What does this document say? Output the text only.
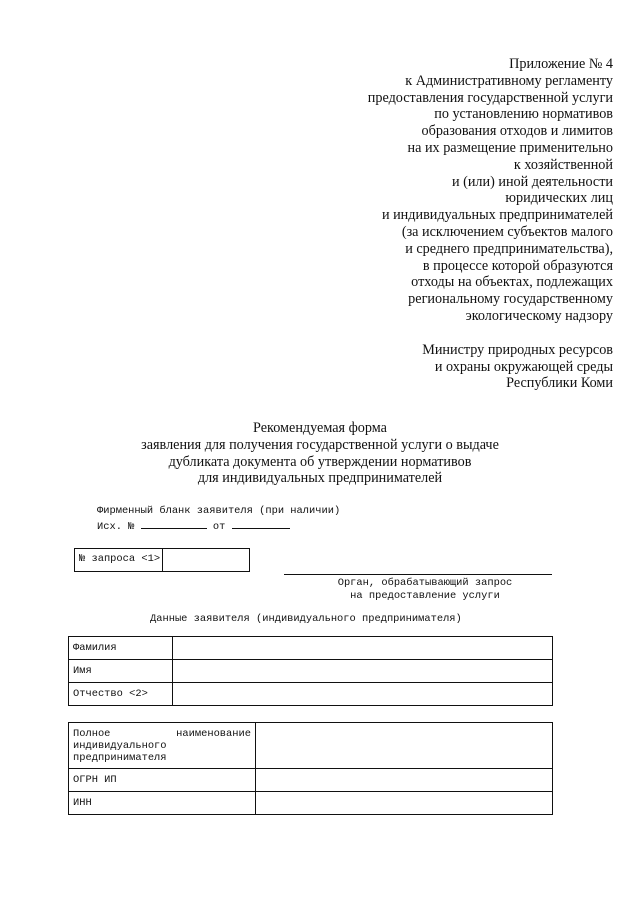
Приложение № 4
к Административному регламенту
предоставления государственной услуги
по установлению нормативов
образования отходов и лимитов
на их размещение применительно
к хозяйственной
и (или) иной деятельности
юридических лиц
и индивидуальных предпринимателей
(за исключением субъектов малого
и среднего предпринимательства),
в процессе которой образуются
отходы на объектах, подлежащих
региональному государственному
экологическому надзору
Министру природных ресурсов
и охраны окружающей среды
Республики Коми
Рекомендуемая форма
заявления для получения государственной услуги о выдаче
дубликата документа об утверждении нормативов
для индивидуальных предпринимателей
Фирменный бланк заявителя (при наличии)
Исх. №	от
№ запроса <1>
Орган, обрабатывающий запрос
на предоставление услуги
Данные заявителя (индивидуального предпринимателя)
Фамилия	
Имя	
Отчество <2>	
Полное наименование индивидуального предпринимателя	
ОГРН ИП	
ИНН	
